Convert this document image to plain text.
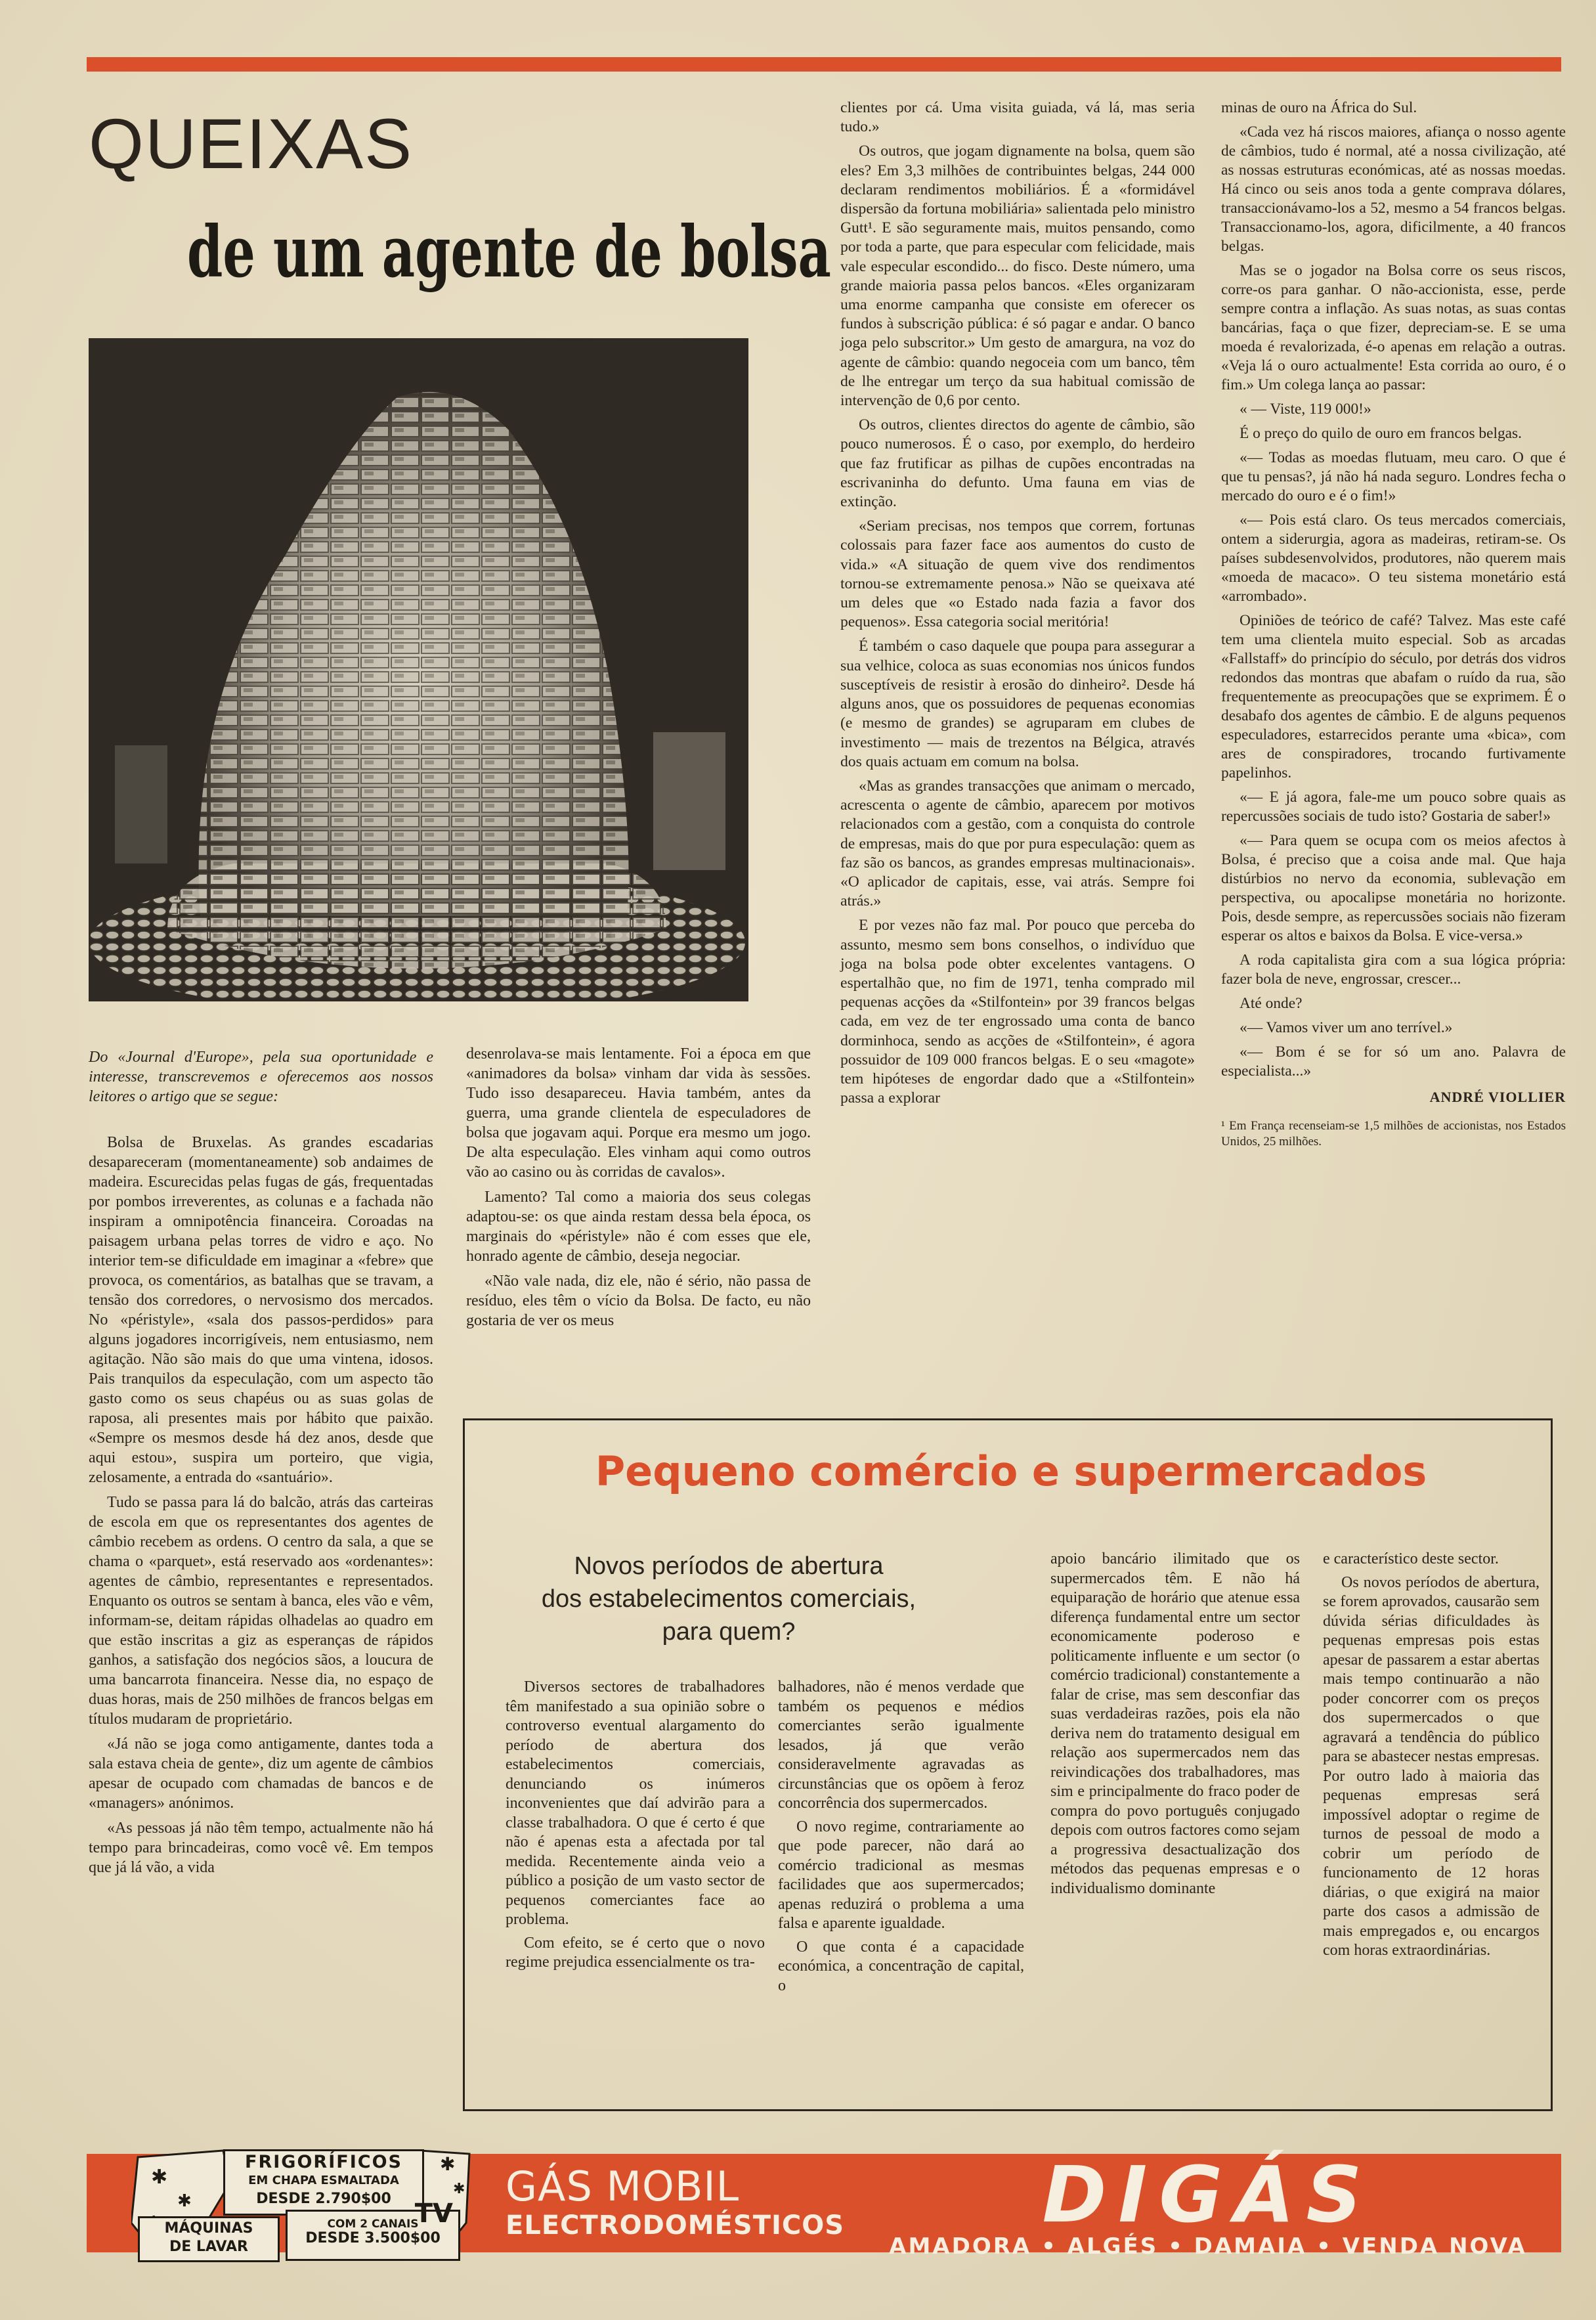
QUEIXAS
de um agente de bolsa

Do «Journal d'Europe», pela sua oportunidade e interesse, transcrevemos e oferecemos aos nossos leitores o artigo que se segue:

Bolsa de Bruxelas. As grandes escadarias desapareceram (momentaneamente) sob andaimes de madeira. Escurecidas pelas fugas de gás, frequentadas por pombos irreverentes, as colunas e a fachada não inspiram a omnipotência financeira. Coroadas na paisagem urbana pelas torres de vidro e aço. No interior tem-se dificuldade em imaginar a «febre» que provoca, os comentários, as batalhas que se travam, a tensão dos corredores, o nervosismo dos mercados. No «péristyle», «sala dos passos-perdidos» para alguns jogadores incorrigíveis, nem entusiasmo, nem agitação. Não são mais do que uma vintena, idosos. Pais tranquilos da especulação, com um aspecto tão gasto como os seus chapéus ou as suas golas de raposa, ali presentes mais por hábito que paixão. «Sempre os mesmos desde há dez anos, desde que aqui estou», suspira um porteiro, que vigia, zelosamente, a entrada do «santuário».

Tudo se passa para lá do balcão, atrás das carteiras de escola em que os representantes dos agentes de câmbio recebem as ordens. O centro da sala, a que se chama o «parquet», está reservado aos «ordenantes»: agentes de câmbio, representantes e representados. Enquanto os outros se sentam à banca, eles vão e vêm, informam-se, deitam rápidas olhadelas ao quadro em que estão inscritas a giz as esperanças de rápidos ganhos, a satisfação dos negócios sãos, a loucura de uma bancarrota financeira. Nesse dia, no espaço de duas horas, mais de 250 milhões de francos belgas em títulos mudaram de proprietário.

«Já não se joga como antigamente, dantes toda a sala estava cheia de gente», diz um agente de câmbios apesar de ocupado com chamadas de bancos e de «managers» anónimos.

«As pessoas já não têm tempo, actualmente não há tempo para brincadeiras, como você vê. Em tempos que já lá vão, a vida

desenrolava-se mais lentamente. Foi a época em que «animadores da bolsa» vinham dar vida às sessões. Tudo isso desapareceu. Havia também, antes da guerra, uma grande clientela de especuladores de bolsa que jogavam aqui. Porque era mesmo um jogo. De alta especulação. Eles vinham aqui como outros vão ao casino ou às corridas de cavalos».

Lamento? Tal como a maioria dos seus colegas adaptou-se: os que ainda restam dessa bela época, os marginais do «péristyle» não é com esses que ele, honrado agente de câmbio, deseja negociar.

«Não vale nada, diz ele, não é sério, não passa de resíduo, eles têm o vício da Bolsa. De facto, eu não gostaria de ver os meus

clientes por cá. Uma visita guiada, vá lá, mas seria tudo.»

Os outros, que jogam dignamente na bolsa, quem são eles? Em 3,3 milhões de contribuintes belgas, 244 000 declaram rendimentos mobiliários. É a «formidável dispersão da fortuna mobiliária» salientada pelo ministro Gutt¹. E são seguramente mais, muitos pensando, como por toda a parte, que para especular com felicidade, mais vale especular escondido... do fisco. Deste número, uma grande maioria passa pelos bancos. «Eles organizaram uma enorme campanha que consiste em oferecer os fundos à subscrição pública: é só pagar e andar. O banco joga pelo subscritor.» Um gesto de amargura, na voz do agente de câmbio: quando negoceia com um banco, têm de lhe entregar um terço da sua habitual comissão de intervenção de 0,6 por cento.

Os outros, clientes directos do agente de câmbio, são pouco numerosos. É o caso, por exemplo, do herdeiro que faz frutificar as pilhas de cupões encontradas na escrivaninha do defunto. Uma fauna em vias de extinção.

«Seriam precisas, nos tempos que correm, fortunas colossais para fazer face aos aumentos do custo de vida.» «A situação de quem vive dos rendimentos tornou-se extremamente penosa.» Não se queixava até um deles que «o Estado nada fazia a favor dos pequenos». Essa categoria social meritória!

É também o caso daquele que poupa para assegurar a sua velhice, coloca as suas economias nos únicos fundos susceptíveis de resistir à erosão do dinheiro². Desde há alguns anos, que os possuidores de pequenas economias (e mesmo de grandes) se agruparam em clubes de investimento — mais de trezentos na Bélgica, através dos quais actuam em comum na bolsa.

«Mas as grandes transacções que animam o mercado, acrescenta o agente de câmbio, aparecem por motivos relacionados com a gestão, com a conquista do controle de empresas, mais do que por pura especulação: quem as faz são os bancos, as grandes empresas multinacionais». «O aplicador de capitais, esse, vai atrás. Sempre foi atrás.»

E por vezes não faz mal. Por pouco que perceba do assunto, mesmo sem bons conselhos, o indivíduo que joga na bolsa pode obter excelentes vantagens. O espertalhão que, no fim de 1971, tenha comprado mil pequenas acções da «Stilfontein» por 39 francos belgas cada, em vez de ter engrossado uma conta de banco dorminhoca, sendo as acções de «Stilfontein», é agora possuidor de 109 000 francos belgas. E o seu «magote» tem hipóteses de engordar dado que a «Stilfontein» passa a explorar

minas de ouro na África do Sul.

«Cada vez há riscos maiores, afiança o nosso agente de câmbios, tudo é normal, até a nossa civilização, até as nossas estruturas económicas, até as nossas moedas. Há cinco ou seis anos toda a gente comprava dólares, transaccionávamo-los a 52, mesmo a 54 francos belgas. Transaccionamo-los, agora, dificilmente, a 40 francos belgas.

Mas se o jogador na Bolsa corre os seus riscos, corre-os para ganhar. O não-accionista, esse, perde sempre contra a inflação. As suas notas, as suas contas bancárias, faça o que fizer, depreciam-se. E se uma moeda é revalorizada, é-o apenas em relação a outras. «Veja lá o ouro actualmente! Esta corrida ao ouro, é o fim.» Um colega lança ao passar:

« — Viste, 119 000!»

É o preço do quilo de ouro em francos belgas.

«— Todas as moedas flutuam, meu caro. O que é que tu pensas?, já não há nada seguro. Londres fecha o mercado do ouro e é o fim!»

«— Pois está claro. Os teus mercados comerciais, ontem a siderurgia, agora as madeiras, retiram-se. Os países subdesenvolvidos, produtores, não querem mais «moeda de macaco». O teu sistema monetário está «arrombado».

Opiniões de teórico de café? Talvez. Mas este café tem uma clientela muito especial. Sob as arcadas «Fallstaff» do princípio do século, por detrás dos vidros redondos das montras que abafam o ruído da rua, são frequentemente as preocupações que se exprimem. É o desabafo dos agentes de câmbio. E de alguns pequenos especuladores, estarrecidos perante uma «bica», com ares de conspiradores, trocando furtivamente papelinhos.

«— E já agora, fale-me um pouco sobre quais as repercussões sociais de tudo isto? Gostaria de saber!»

«— Para quem se ocupa com os meios afectos à Bolsa, é preciso que a coisa ande mal. Que haja distúrbios no nervo da economia, sublevação em perspectiva, ou apocalipse monetária no horizonte. Pois, desde sempre, as repercussões sociais não fizeram esperar os altos e baixos da Bolsa. E vice-versa.»

A roda capitalista gira com a sua lógica própria: fazer bola de neve, engrossar, crescer...

Até onde?

«— Vamos viver um ano terrível.»

«— Bom é se for só um ano. Palavra de especialista...»

ANDRÉ VIOLLIER

¹ Em França recenseiam-se 1,5 milhões de accionistas, nos Estados Unidos, 25 milhões.

Pequeno comércio e supermercados
Novos períodos de abertura
dos estabelecimentos comerciais,
para quem?

Diversos sectores de trabalhadores têm manifestado a sua opinião sobre o controverso eventual alargamento do período de abertura dos estabelecimentos comerciais, denunciando os inúmeros inconvenientes que daí advirão para a classe trabalhadora. O que é certo é que não é apenas esta a afectada por tal medida. Recentemente ainda veio a público a posição de um vasto sector de pequenos comerciantes face ao problema.

Com efeito, se é certo que o novo regime prejudica essencialmente os tra-

balhadores, não é menos verdade que também os pequenos e médios comerciantes serão igualmente lesados, já que verão consideravelmente agravadas as circunstâncias que os opõem à feroz concorrência dos supermercados.

O novo regime, contrariamente ao que pode parecer, não dará ao comércio tradicional as mesmas facilidades que aos supermercados; apenas reduzirá o problema a uma falsa e aparente igualdade.

O que conta é a capacidade económica, a concentração de capital, o

apoio bancário ilimitado que os supermercados têm. E não há equiparação de horário que atenue essa diferença fundamental entre um sector economicamente poderoso e politicamente influente e um sector (o comércio tradicional) constantemente a falar de crise, mas sem desconfiar das suas verdadeiras razões, pois ela não deriva nem do tratamento desigual em relação aos supermercados nem das reivindicações dos trabalhadores, mas sim e principalmente do fraco poder de compra do povo português conjugado depois com outros factores como sejam a progressiva desactualização dos métodos das pequenas empresas e o individualismo dominante

e característico deste sector.

Os novos períodos de abertura, se forem aprovados, causarão sem dúvida sérias dificuldades às pequenas empresas pois estas apesar de passarem a estar abertas mais tempo continuarão a não poder concorrer com os preços dos supermercados o que agravará a tendência do público para se abastecer nestas empresas. Por outro lado à maioria das pequenas empresas será impossível adoptar o regime de turnos de pessoal de modo a cobrir um período de funcionamento de 12 horas diárias, o que exigirá na maior parte dos casos a admissão de mais empregados e, ou encargos com horas extraordinárias.

✱
✱
✱
✱
FRIGORÍFICOS
EM CHAPA ESMALTADA
DESDE 2.790$00 TV
COM 2 CANAIS
DESDE 3.500$00
MÁQUINAS
DE LAVAR
GÁS MOBIL
ELECTRODOMÉSTICOS	DIGÁS
AMADORA • ALGÉS • DAMAIA • VENDA NOVA
